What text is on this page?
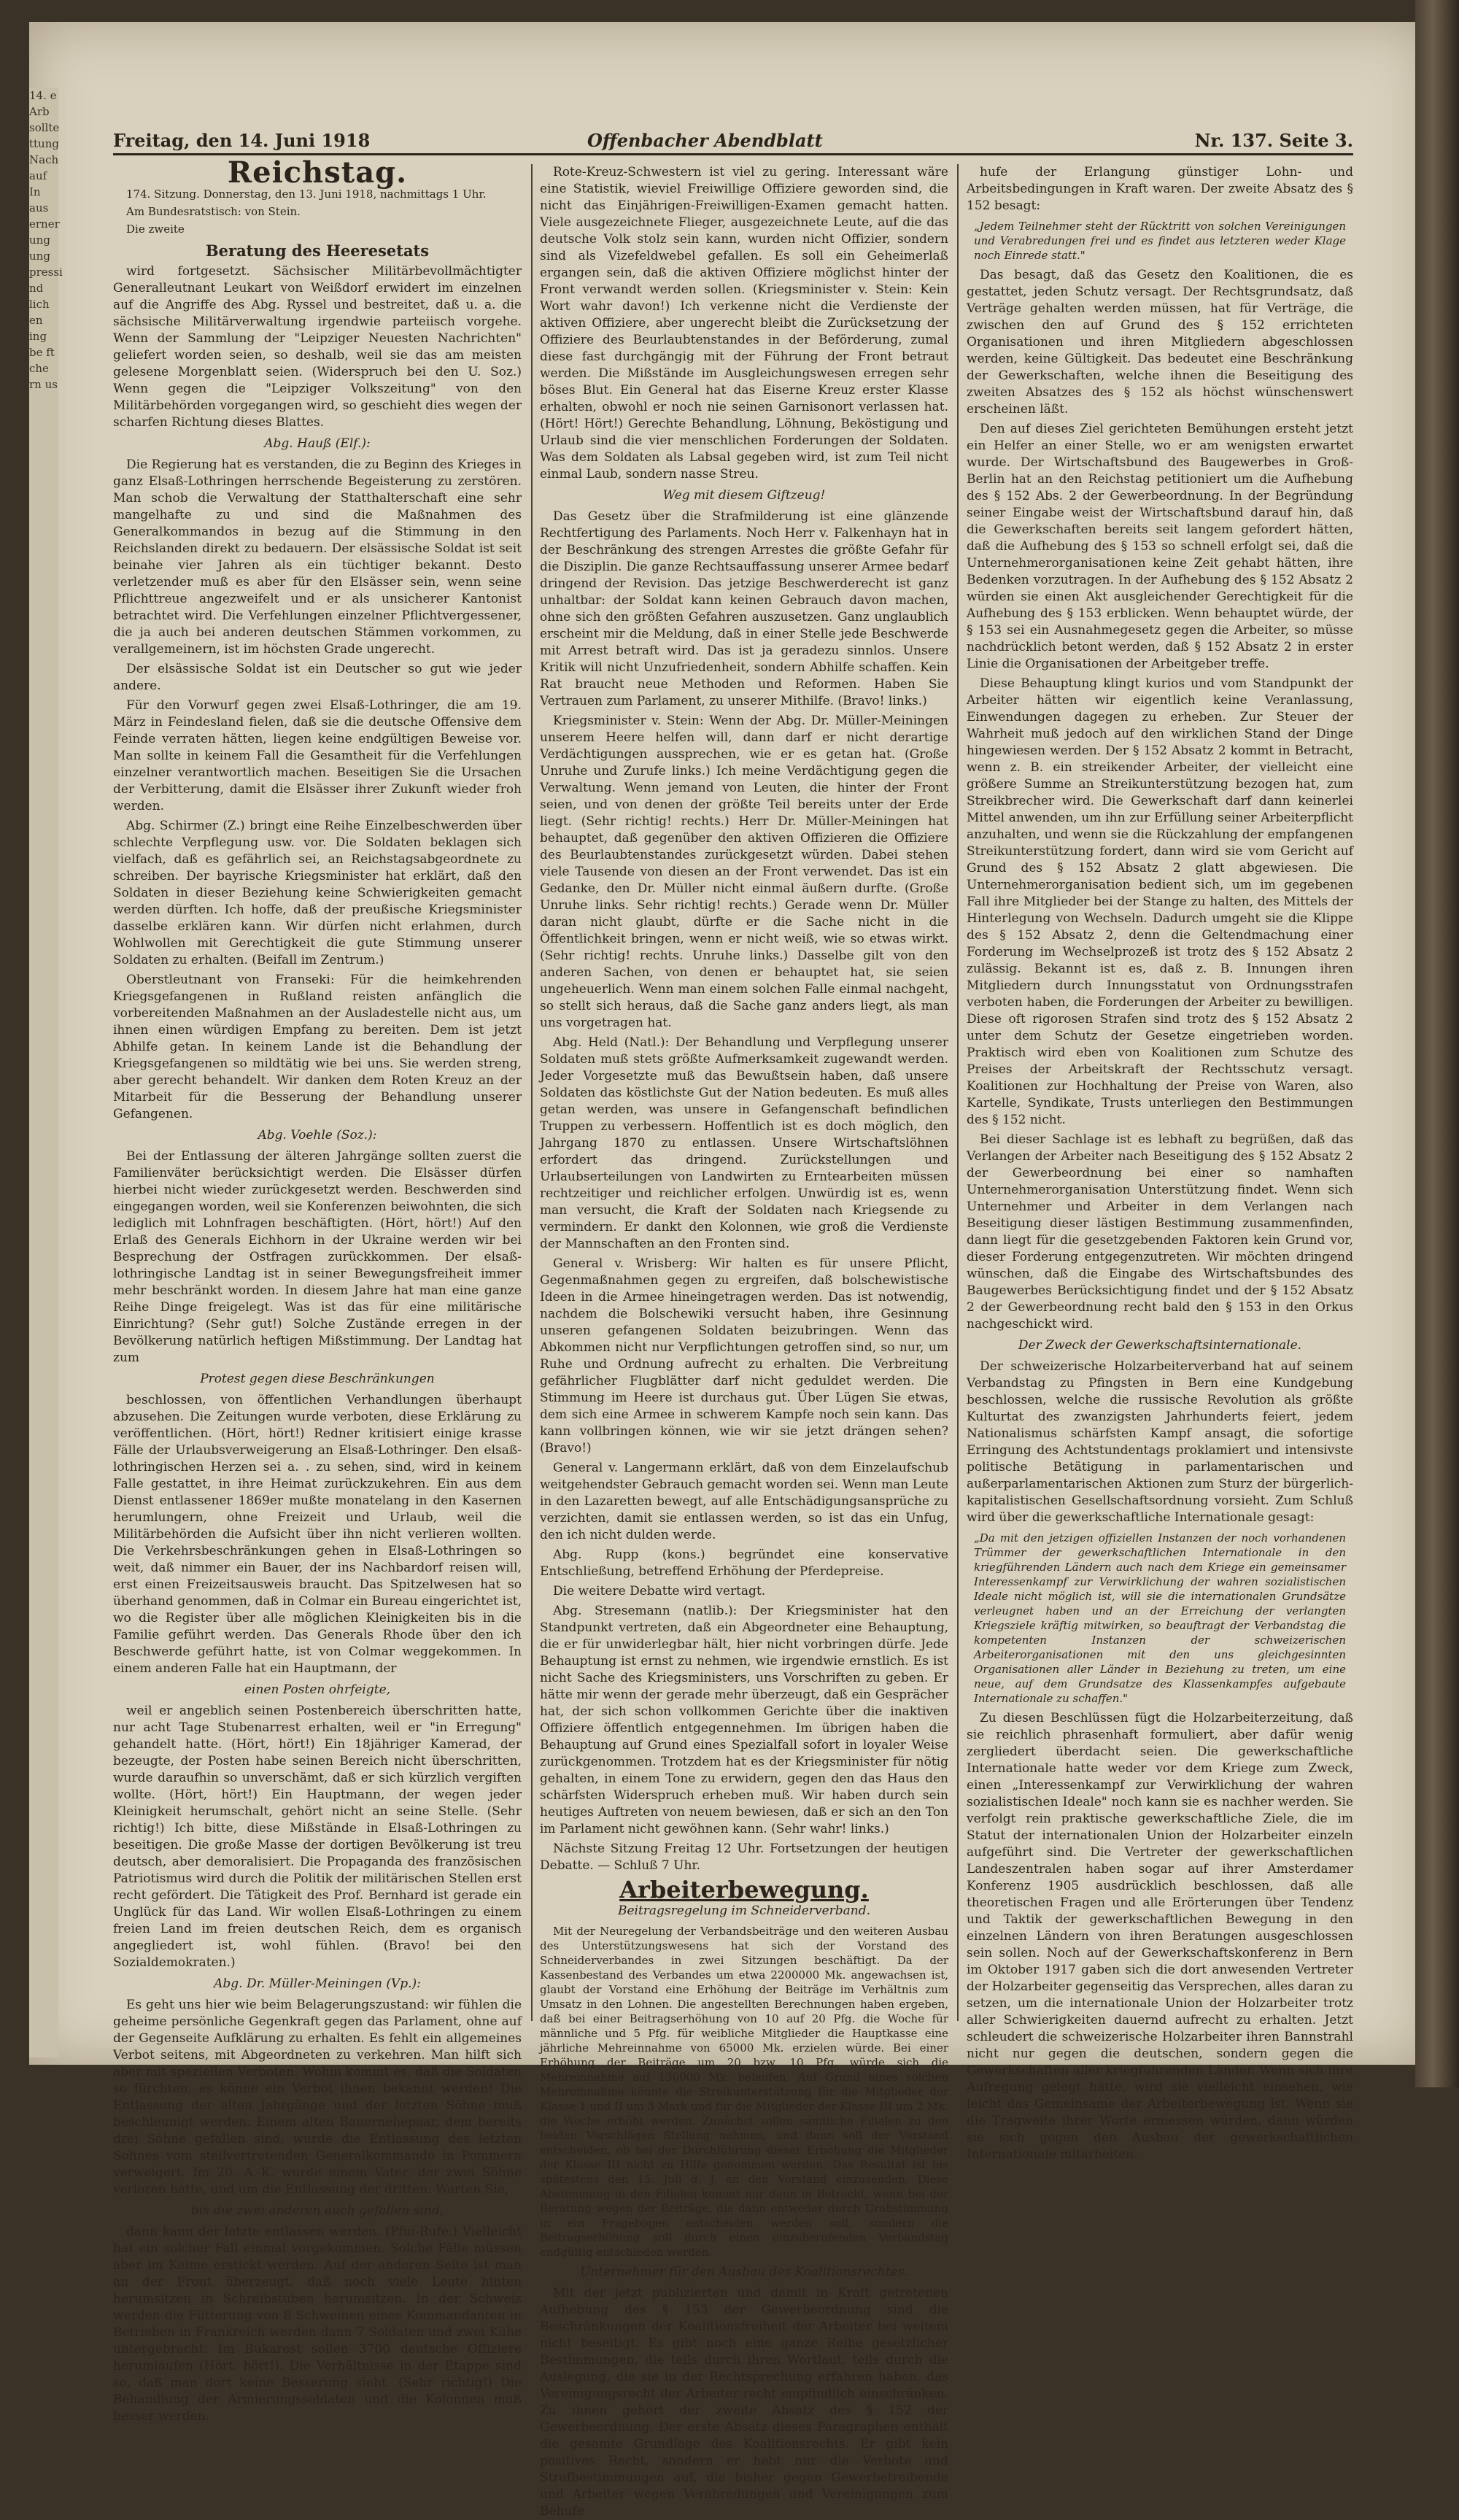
14. e Arb sollte ttung Nach auf In aus erner ung ung pressi nd lich en ing be ft che rn us
Freitag, den 14. Juni 1918	Offenbacher Abendblatt	Nr. 137. Seite 3.
Reichstag.

174. Sitzung. Donnerstag, den 13. Juni 1918, nachmittags 1 Uhr.

Am Bundesratstisch: von Stein.

Die zweite

Beratung des Heeresetats

wird fortgesetzt. Sächsischer Militärbevollmächtigter Generalleutnant Leukart von Weißdorf erwidert im einzelnen auf die Angriffe des Abg. Ryssel und bestreitet, daß u. a. die sächsische Militärverwaltung irgendwie parteiisch vorgehe. Wenn der Sammlung der "Leipziger Neuesten Nachrichten" geliefert worden seien, so deshalb, weil sie das am meisten gelesene Morgenblatt seien. (Widerspruch bei den U. Soz.) Wenn gegen die "Leipziger Volkszeitung" von den Militärbehörden vorgegangen wird, so geschieht dies wegen der scharfen Richtung dieses Blattes.

Abg. Hauß (Elf.):

Die Regierung hat es verstanden, die zu Beginn des Krieges in ganz Elsaß-Lothringen herrschende Begeisterung zu zerstören. Man schob die Verwaltung der Statthalterschaft eine sehr mangelhafte zu und sind die Maßnahmen des Generalkommandos in bezug auf die Stimmung in den Reichslanden direkt zu bedauern. Der elsässische Soldat ist seit beinahe vier Jahren als ein tüchtiger bekannt. Desto verletzender muß es aber für den Elsässer sein, wenn seine Pflichttreue angezweifelt und er als unsicherer Kantonist betrachtet wird. Die Verfehlungen einzelner Pflichtvergessener, die ja auch bei anderen deutschen Stämmen vorkommen, zu verallgemeinern, ist im höchsten Grade ungerecht.

Der elsässische Soldat ist ein Deutscher so gut wie jeder andere.

Für den Vorwurf gegen zwei Elsaß-Lothringer, die am 19. März in Feindesland fielen, daß sie die deutsche Offensive dem Feinde verraten hätten, liegen keine endgültigen Beweise vor. Man sollte in keinem Fall die Gesamtheit für die Verfehlungen einzelner verantwortlich machen. Beseitigen Sie die Ursachen der Verbitterung, damit die Elsässer ihrer Zukunft wieder froh werden.

Abg. Schirmer (Z.) bringt eine Reihe Einzelbeschwerden über schlechte Verpflegung usw. vor. Die Soldaten beklagen sich vielfach, daß es gefährlich sei, an Reichstagsabgeordnete zu schreiben. Der bayrische Kriegsminister hat erklärt, daß den Soldaten in dieser Beziehung keine Schwierigkeiten gemacht werden dürften. Ich hoffe, daß der preußische Kriegsminister dasselbe erklären kann. Wir dürfen nicht erlahmen, durch Wohlwollen mit Gerechtigkeit die gute Stimmung unserer Soldaten zu erhalten. (Beifall im Zentrum.)

Oberstleutnant von Franseki: Für die heimkehrenden Kriegsgefangenen in Rußland reisten anfänglich die vorbereitenden Maßnahmen an der Ausladestelle nicht aus, um ihnen einen würdigen Empfang zu bereiten. Dem ist jetzt Abhilfe getan. In keinem Lande ist die Behandlung der Kriegsgefangenen so mildtätig wie bei uns. Sie werden streng, aber gerecht behandelt. Wir danken dem Roten Kreuz an der Mitarbeit für die Besserung der Behandlung unserer Gefangenen.

Abg. Voehle (Soz.):

Bei der Entlassung der älteren Jahrgänge sollten zuerst die Familienväter berücksichtigt werden. Die Elsässer dürfen hierbei nicht wieder zurückgesetzt werden. Beschwerden sind eingegangen worden, weil sie Konferenzen beiwohnten, die sich lediglich mit Lohnfragen beschäftigten. (Hört, hört!) Auf den Erlaß des Generals Eichhorn in der Ukraine werden wir bei Besprechung der Ostfragen zurückkommen. Der elsaß-lothringische Landtag ist in seiner Bewegungsfreiheit immer mehr beschränkt worden. In diesem Jahre hat man eine ganze Reihe Dinge freigelegt. Was ist das für eine militärische Einrichtung? (Sehr gut!) Solche Zustände erregen in der Bevölkerung natürlich heftigen Mißstimmung. Der Landtag hat zum

Protest gegen diese Beschränkungen

beschlossen, von öffentlichen Verhandlungen überhaupt abzusehen. Die Zeitungen wurde verboten, diese Erklärung zu veröffentlichen. (Hört, hört!) Redner kritisiert einige krasse Fälle der Urlaubsverweigerung an Elsaß-Lothringer. Den elsaß-lothringischen Herzen sei a. . zu sehen, sind, wird in keinem Falle gestattet, in ihre Heimat zurückzukehren. Ein aus dem Dienst entlassener 1869er mußte monatelang in den Kasernen herumlungern, ohne Freizeit und Urlaub, weil die Militärbehörden die Aufsicht über ihn nicht verlieren wollten. Die Verkehrsbeschränkungen gehen in Elsaß-Lothringen so weit, daß nimmer ein Bauer, der ins Nachbardorf reisen will, erst einen Freizeitsausweis braucht. Das Spitzelwesen hat so überhand genommen, daß in Colmar ein Bureau eingerichtet ist, wo die Register über alle möglichen Kleinigkeiten bis in die Familie geführt werden. Das Generals Rhode über den ich Beschwerde geführt hatte, ist von Colmar weggekommen. In einem anderen Falle hat ein Hauptmann, der

einen Posten ohrfeigte,

weil er angeblich seinen Postenbereich überschritten hatte, nur acht Tage Stubenarrest erhalten, weil er "in Erregung" gehandelt hatte. (Hört, hört!) Ein 18jähriger Kamerad, der bezeugte, der Posten habe seinen Bereich nicht überschritten, wurde daraufhin so unverschämt, daß er sich kürzlich vergiften wollte. (Hört, hört!) Ein Hauptmann, der wegen jeder Kleinigkeit herumschalt, gehört nicht an seine Stelle. (Sehr richtig!) Ich bitte, diese Mißstände in Elsaß-Lothringen zu beseitigen. Die große Masse der dortigen Bevölkerung ist treu deutsch, aber demoralisiert. Die Propaganda des französischen Patriotismus wird durch die Politik der militärischen Stellen erst recht gefördert. Die Tätigkeit des Prof. Bernhard ist gerade ein Unglück für das Land. Wir wollen Elsaß-Lothringen zu einem freien Land im freien deutschen Reich, dem es organisch angegliedert ist, wohl fühlen. (Bravo! bei den Sozialdemokraten.)

Abg. Dr. Müller-Meiningen (Vp.):

Es geht uns hier wie beim Belagerungszustand: wir fühlen die geheime persönliche Gegenkraft gegen das Parlament, ohne auf der Gegenseite Aufklärung zu erhalten. Es fehlt ein allgemeines Verbot seitens, mit Abgeordneten zu verkehren. Man hilft sich aber mit speziellen Verboten. Wohin kommt es, daß die Soldaten so fürchten, es könne ein Verbot ihnen bekannt werden! Die Entlassung der alten Jahrgänge und der letzten Söhne muß beschleunigt werden. Einem alten Bauernehepaar, dem bereits drei Söhne gefallen sind, wurde die Entlassung des letzten Sohnes vom stellvertretenden Generalkommando in Pommern verweigert. Im 20. A.-K. wurde einem Vater, der zwei Söhne verloren hatte, und um die Entlassung der dritten: Warten Sie,

bis die zwei anderen auch gefallen sind,

dann kann der letzte entlassen werden. (Pfui-Rufe.) Vielleicht hat ein solcher Fall einmal vorgekommen. Solche Fälle müssen aber im Keime erstickt werden. Auf der anderen Seite ist man an der Front überzeugt, daß noch viele Leute hinten herumsitzen in Schreibstuben herumsitzen. In der Schweiz werden die Fütterung von 8 Schweinen eines Kommandanten in Betrieben in Frankreich werden dann 7 Soldaten und zwei Kühe untergebracht. Im Bukarest sollen 3700 deutsche Offiziere herumlaufen (Hört, hört!). Die Verhältnisse in der Etappe sind so, daß man dort keine Besserung sieht. (Sehr richtig!) Die Behandlung der Armierungssoldaten und die Kolonnen muß besser werden.

Rote-Kreuz-Schwestern ist viel zu gering. Interessant wäre eine Statistik, wieviel Freiwillige Offiziere geworden sind, die nicht das Einjährigen-Freiwilligen-Examen gemacht hatten. Viele ausgezeichnete Flieger, ausgezeichnete Leute, auf die das deutsche Volk stolz sein kann, wurden nicht Offizier, sondern sind als Vizefeldwebel gefallen. Es soll ein Geheimerlaß ergangen sein, daß die aktiven Offiziere möglichst hinter der Front verwandt werden sollen. (Kriegsminister v. Stein: Kein Wort wahr davon!) Ich verkenne nicht die Verdienste der aktiven Offiziere, aber ungerecht bleibt die Zurücksetzung der Offiziere des Beurlaubtenstandes in der Beförderung, zumal diese fast durchgängig mit der Führung der Front betraut werden. Die Mißstände im Ausgleichungswesen erregen sehr böses Blut. Ein General hat das Eiserne Kreuz erster Klasse erhalten, obwohl er noch nie seinen Garnisonort verlassen hat. (Hört! Hört!) Gerechte Behandlung, Löhnung, Beköstigung und Urlaub sind die vier menschlichen Forderungen der Soldaten. Was dem Soldaten als Labsal gegeben wird, ist zum Teil nicht einmal Laub, sondern nasse Streu.

Weg mit diesem Giftzeug!

Das Gesetz über die Strafmilderung ist eine glänzende Rechtfertigung des Parlaments. Noch Herr v. Falkenhayn hat in der Beschränkung des strengen Arrestes die größte Gefahr für die Disziplin. Die ganze Rechtsauffassung unserer Armee bedarf dringend der Revision. Das jetzige Beschwerderecht ist ganz unhaltbar: der Soldat kann keinen Gebrauch davon machen, ohne sich den größten Gefahren auszusetzen. Ganz unglaublich erscheint mir die Meldung, daß in einer Stelle jede Beschwerde mit Arrest betraft wird. Das ist ja geradezu sinnlos. Unsere Kritik will nicht Unzufriedenheit, sondern Abhilfe schaffen. Kein Rat braucht neue Methoden und Reformen. Haben Sie Vertrauen zum Parlament, zu unserer Mithilfe. (Bravo! links.)

Kriegsminister v. Stein: Wenn der Abg. Dr. Müller-Meiningen unserem Heere helfen will, dann darf er nicht derartige Verdächtigungen aussprechen, wie er es getan hat. (Große Unruhe und Zurufe links.) Ich meine Verdächtigung gegen die Verwaltung. Wenn jemand von Leuten, die hinter der Front seien, und von denen der größte Teil bereits unter der Erde liegt. (Sehr richtig! rechts.) Herr Dr. Müller-Meiningen hat behauptet, daß gegenüber den aktiven Offizieren die Offiziere des Beurlaubtenstandes zurückgesetzt würden. Dabei stehen viele Tausende von diesen an der Front verwendet. Das ist ein Gedanke, den Dr. Müller nicht einmal äußern durfte. (Große Unruhe links. Sehr richtig! rechts.) Gerade wenn Dr. Müller daran nicht glaubt, dürfte er die Sache nicht in die Öffentlichkeit bringen, wenn er nicht weiß, wie so etwas wirkt. (Sehr richtig! rechts. Unruhe links.) Dasselbe gilt von den anderen Sachen, von denen er behauptet hat, sie seien ungeheuerlich. Wenn man einem solchen Falle einmal nachgeht, so stellt sich heraus, daß die Sache ganz anders liegt, als man uns vorgetragen hat.

Abg. Held (Natl.): Der Behandlung und Verpflegung unserer Soldaten muß stets größte Aufmerksamkeit zugewandt werden. Jeder Vorgesetzte muß das Bewußtsein haben, daß unsere Soldaten das köstlichste Gut der Nation bedeuten. Es muß alles getan werden, was unsere in Gefangenschaft befindlichen Truppen zu verbessern. Hoffentlich ist es doch möglich, den Jahrgang 1870 zu entlassen. Unsere Wirtschaftslöhnen erfordert das dringend. Zurückstellungen und Urlaubserteilungen von Landwirten zu Erntearbeiten müssen rechtzeitiger und reichlicher erfolgen. Unwürdig ist es, wenn man versucht, die Kraft der Soldaten nach Kriegsende zu vermindern. Er dankt den Kolonnen, wie groß die Verdienste der Mannschaften an den Fronten sind.

General v. Wrisberg: Wir halten es für unsere Pflicht, Gegenmaßnahmen gegen zu ergreifen, daß bolschewistische Ideen in die Armee hineingetragen werden. Das ist notwendig, nachdem die Bolschewiki versucht haben, ihre Gesinnung unseren gefangenen Soldaten beizubringen. Wenn das Abkommen nicht nur Verpflichtungen getroffen sind, so nur, um Ruhe und Ordnung aufrecht zu erhalten. Die Verbreitung gefährlicher Flugblätter darf nicht geduldet werden. Die Stimmung im Heere ist durchaus gut. Über Lügen Sie etwas, dem sich eine Armee in schwerem Kampfe noch sein kann. Das kann vollbringen können, wie wir sie jetzt drängen sehen? (Bravo!)

General v. Langermann erklärt, daß von dem Einzelaufschub weitgehendster Gebrauch gemacht worden sei. Wenn man Leute in den Lazaretten bewegt, auf alle Entschädigungsansprüche zu verzichten, damit sie entlassen werden, so ist das ein Unfug, den ich nicht dulden werde.

Abg. Rupp (kons.) begründet eine konservative Entschließung, betreffend Erhöhung der Pferdepreise.

Die weitere Debatte wird vertagt.

Abg. Stresemann (natlib.): Der Kriegsminister hat den Standpunkt vertreten, daß ein Abgeordneter eine Behauptung, die er für unwiderlegbar hält, hier nicht vorbringen dürfe. Jede Behauptung ist ernst zu nehmen, wie irgendwie ernstlich. Es ist nicht Sache des Kriegsministers, uns Vorschriften zu geben. Er hätte mir wenn der gerade mehr überzeugt, daß ein Gesprächer hat, der sich schon vollkommen Gerichte über die inaktiven Offiziere öffentlich entgegennehmen. Im übrigen haben die Behauptung auf Grund eines Spezialfall sofort in loyaler Weise zurückgenommen. Trotzdem hat es der Kriegsminister für nötig gehalten, in einem Tone zu erwidern, gegen den das Haus den schärfsten Widerspruch erheben muß. Wir haben durch sein heutiges Auftreten von neuem bewiesen, daß er sich an den Ton im Parlament nicht gewöhnen kann. (Sehr wahr! links.)

Nächste Sitzung Freitag 12 Uhr. Fortsetzungen der heutigen Debatte. — Schluß 7 Uhr.

Arbeiterbewegung.
Beitragsregelung im Schneiderverband.

Mit der Neuregelung der Verbandsbeiträge und den weiteren Ausbau des Unterstützungswesens hat sich der Vorstand des Schneiderverbandes in zwei Sitzungen beschäftigt. Da der Kassenbestand des Verbandes um etwa 2200000 Mk. angewachsen ist, glaubt der Vorstand eine Erhöhung der Beiträge im Verhältnis zum Umsatz in den Lohnen. Die angestellten Berechnungen haben ergeben, daß bei einer Beitragserhöhung von 10 auf 20 Pfg. die Woche für männliche und 5 Pfg. für weibliche Mitglieder die Hauptkasse eine jährliche Mehreinnahme von 65000 Mk. erzielen würde. Bei einer Erhöhung der Beiträge um 20 bzw. 10 Pfg. würde sich die Mehreinnahme auf 130000 Mk. belaufen. Auf Grund eines solchen Mehreinnahme könnte die Streikunterstützung für die Mitglieder der Klasse 1 und II um 3 Mark und für die Mitglieder der Klasse III um 2 Mk. die Woche erhöht werden. Zunächst sollen sämtliche Filialen zu den beiden Vorschlägen Stellung nehmen, und dann soll der Vorstand entscheiden, ob bei der Durchführung dieser Erhöhung die Mitglieder der Klasse III nicht zu Hilfe genommen werden. Das Resultat ist bis spätestens den 15. Juli d. J. an den Vorstand einzusenden. Diese Abstimmung in den Filialen kommt nur dann in Betracht, wenn bei der Beratung wegen der Beiträge, die dann entweder durch Urabstimmung in ein Fragebogen entscheiden werden soll, sondern die Beitragserhöhung soll durch einen einzuberufenden Verbandstag endgültig entschieden werden.

Unternehmer für den Ausbau des Koalitionsrechtes.

Mit der jetzt publizierten und damit in Kraft getretenen Aufhebung des § 153 der Gewerbeordnung sind die Beschränkungen der Koalitionsfreiheit der Arbeiter bei weitem nicht beseitigt. Es gibt noch eine ganze Reihe gesetzlicher Bestimmungen, die teils durch ihren Wortlaut, teils durch die Auslegung, die sie in der Rechtsprechung erfahren haben, das Vereinigungsrecht der Arbeiter recht empfindlich einschränken. Zu ihnen gehört der zweite Absatz des § 152 der Gewerbeordnung. Der erste Absatz dieses Paragraphen enthält die gesamte Grundlage des Koalitionsrechts. Er gibt kein positives Recht, sondern er hebt nur die Verbote und Strafbestimmungen auf, die bisher gegen Gewerbetreibende und Arbeiter wegen Verabredungen und Vereinigungen zum Behufe

hufe der Erlangung günstiger Lohn- und Arbeitsbedingungen in Kraft waren. Der zweite Absatz des § 152 besagt:

„Jedem Teilnehmer steht der Rücktritt von solchen Vereinigungen und Verabredungen frei und es findet aus letzteren weder Klage noch Einrede statt."

Das besagt, daß das Gesetz den Koalitionen, die es gestattet, jeden Schutz versagt. Der Rechtsgrundsatz, daß Verträge gehalten werden müssen, hat für Verträge, die zwischen den auf Grund des § 152 errichteten Organisationen und ihren Mitgliedern abgeschlossen werden, keine Gültigkeit. Das bedeutet eine Beschränkung der Gewerkschaften, welche ihnen die Beseitigung des zweiten Absatzes des § 152 als höchst wünschenswert erscheinen läßt.

Den auf dieses Ziel gerichteten Bemühungen ersteht jetzt ein Helfer an einer Stelle, wo er am wenigsten erwartet wurde. Der Wirtschaftsbund des Baugewerbes in Groß-Berlin hat an den Reichstag petitioniert um die Aufhebung des § 152 Abs. 2 der Gewerbeordnung. In der Begründung seiner Eingabe weist der Wirtschaftsbund darauf hin, daß die Gewerkschaften bereits seit langem gefordert hätten, daß die Aufhebung des § 153 so schnell erfolgt sei, daß die Unternehmerorganisationen keine Zeit gehabt hätten, ihre Bedenken vorzutragen. In der Aufhebung des § 152 Absatz 2 würden sie einen Akt ausgleichender Gerechtigkeit für die Aufhebung des § 153 erblicken. Wenn behauptet würde, der § 153 sei ein Ausnahmegesetz gegen die Arbeiter, so müsse nachdrücklich betont werden, daß § 152 Absatz 2 in erster Linie die Organisationen der Arbeitgeber treffe.

Diese Behauptung klingt kurios und vom Standpunkt der Arbeiter hätten wir eigentlich keine Veranlassung, Einwendungen dagegen zu erheben. Zur Steuer der Wahrheit muß jedoch auf den wirklichen Stand der Dinge hingewiesen werden. Der § 152 Absatz 2 kommt in Betracht, wenn z. B. ein streikender Arbeiter, der vielleicht eine größere Summe an Streikunterstützung bezogen hat, zum Streikbrecher wird. Die Gewerkschaft darf dann keinerlei Mittel anwenden, um ihn zur Erfüllung seiner Arbeiterpflicht anzuhalten, und wenn sie die Rückzahlung der empfangenen Streikunterstützung fordert, dann wird sie vom Gericht auf Grund des § 152 Absatz 2 glatt abgewiesen. Die Unternehmerorganisation bedient sich, um im gegebenen Fall ihre Mitglieder bei der Stange zu halten, des Mittels der Hinterlegung von Wechseln. Dadurch umgeht sie die Klippe des § 152 Absatz 2, denn die Geltendmachung einer Forderung im Wechselprozeß ist trotz des § 152 Absatz 2 zulässig. Bekannt ist es, daß z. B. Innungen ihren Mitgliedern durch Innungsstatut von Ordnungsstrafen verboten haben, die Forderungen der Arbeiter zu bewilligen. Diese oft rigorosen Strafen sind trotz des § 152 Absatz 2 unter dem Schutz der Gesetze eingetrieben worden. Praktisch wird eben von Koalitionen zum Schutze des Preises der Arbeitskraft der Rechtsschutz versagt. Koalitionen zur Hochhaltung der Preise von Waren, also Kartelle, Syndikate, Trusts unterliegen den Bestimmungen des § 152 nicht.

Bei dieser Sachlage ist es lebhaft zu begrüßen, daß das Verlangen der Arbeiter nach Beseitigung des § 152 Absatz 2 der Gewerbeordnung bei einer so namhaften Unternehmerorganisation Unterstützung findet. Wenn sich Unternehmer und Arbeiter in dem Verlangen nach Beseitigung dieser lästigen Bestimmung zusammenfinden, dann liegt für die gesetzgebenden Faktoren kein Grund vor, dieser Forderung entgegenzutreten. Wir möchten dringend wünschen, daß die Eingabe des Wirtschaftsbundes des Baugewerbes Berücksichtigung findet und der § 152 Absatz 2 der Gewerbeordnung recht bald den § 153 in den Orkus nachgeschickt wird.

Der Zweck der Gewerkschaftsinternationale.

Der schweizerische Holzarbeiterverband hat auf seinem Verbandstag zu Pfingsten in Bern eine Kundgebung beschlossen, welche die russische Revolution als größte Kulturtat des zwanzigsten Jahrhunderts feiert, jedem Nationalismus schärfsten Kampf ansagt, die sofortige Erringung des Achtstundentags proklamiert und intensivste politische Betätigung in parlamentarischen und außerparlamentarischen Aktionen zum Sturz der bürgerlich-kapitalistischen Gesellschaftsordnung vorsieht. Zum Schluß wird über die gewerkschaftliche Internationale gesagt:

„Da mit den jetzigen offiziellen Instanzen der noch vorhandenen Trümmer der gewerkschaftlichen Internationale in den kriegführenden Ländern auch nach dem Kriege ein gemeinsamer Interessenkampf zur Verwirklichung der wahren sozialistischen Ideale nicht möglich ist, will sie die internationalen Grundsätze verleugnet haben und an der Erreichung der verlangten Kriegsziele kräftig mitwirken, so beauftragt der Verbandstag die kompetenten Instanzen der schweizerischen Arbeiterorganisationen mit den uns gleichgesinnten Organisationen aller Länder in Beziehung zu treten, um eine neue, auf dem Grundsatze des Klassenkampfes aufgebaute Internationale zu schaffen."

Zu diesen Beschlüssen fügt die Holzarbeiterzeitung, daß sie reichlich phrasenhaft formuliert, aber dafür wenig zergliedert überdacht seien. Die gewerkschaftliche Internationale hatte weder vor dem Kriege zum Zweck, einen „Interessenkampf zur Verwirklichung der wahren sozialistischen Ideale" noch kann sie es nachher werden. Sie verfolgt rein praktische gewerkschaftliche Ziele, die im Statut der internationalen Union der Holzarbeiter einzeln aufgeführt sind. Die Vertreter der gewerkschaftlichen Landeszentralen haben sogar auf ihrer Amsterdamer Konferenz 1905 ausdrücklich beschlossen, daß alle theoretischen Fragen und alle Erörterungen über Tendenz und Taktik der gewerkschaftlichen Bewegung in den einzelnen Ländern von ihren Beratungen ausgeschlossen sein sollen. Noch auf der Gewerkschaftskonferenz in Bern im Oktober 1917 gaben sich die dort anwesenden Vertreter der Holzarbeiter gegenseitig das Versprechen, alles daran zu setzen, um die internationale Union der Holzarbeiter trotz aller Schwierigkeiten dauernd aufrecht zu erhalten. Jetzt schleudert die schweizerische Holzarbeiter ihren Bannstrahl nicht nur gegen die deutschen, sondern gegen die Gewerkschaften aller kriegführenden Länder. Wenn sich ihre Aufregung gelegt hätte, wird sie vielleicht einsehen, wie leicht das Gemeinsame der Arbeiterbewegung ist. Wenn sie die Tragweite ihrer Worte ermessen würden, dann würden sie sich gegen den Ausbau der gewerkschaftlichen Internationale mitarbeiten.
